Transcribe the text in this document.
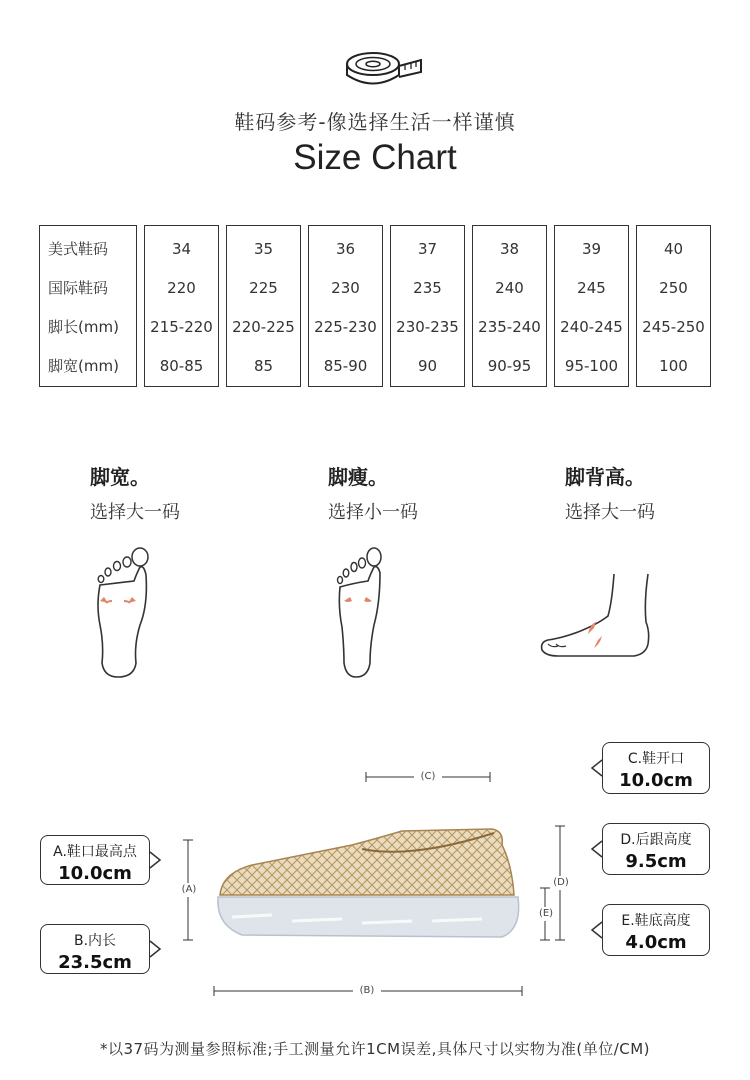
鞋码参考-像选择生活一样谨慎
Size Chart
美式鞋码
国际鞋码
脚长(mm)
脚宽(mm)
34
220
215-220
80-85
35
225
220-225
85
36
230
225-230
85-90
37
235
230-235
90
38
240
235-240
90-95
39
245
240-245
95-100
40
250
245-250
100
脚宽。
选择大一码
脚瘦。
选择小一码
脚背高。
选择大一码
(C)
(A)
(D)
(E)
(B)
A.鞋口最高点
10.0cm
B.内长
23.5cm
C.鞋开口
10.0cm
D.后跟高度
9.5cm
E.鞋底高度
4.0cm
*以37码为测量参照标准;手工测量允许1CM误差,具体尺寸以实物为准(单位/CM)
